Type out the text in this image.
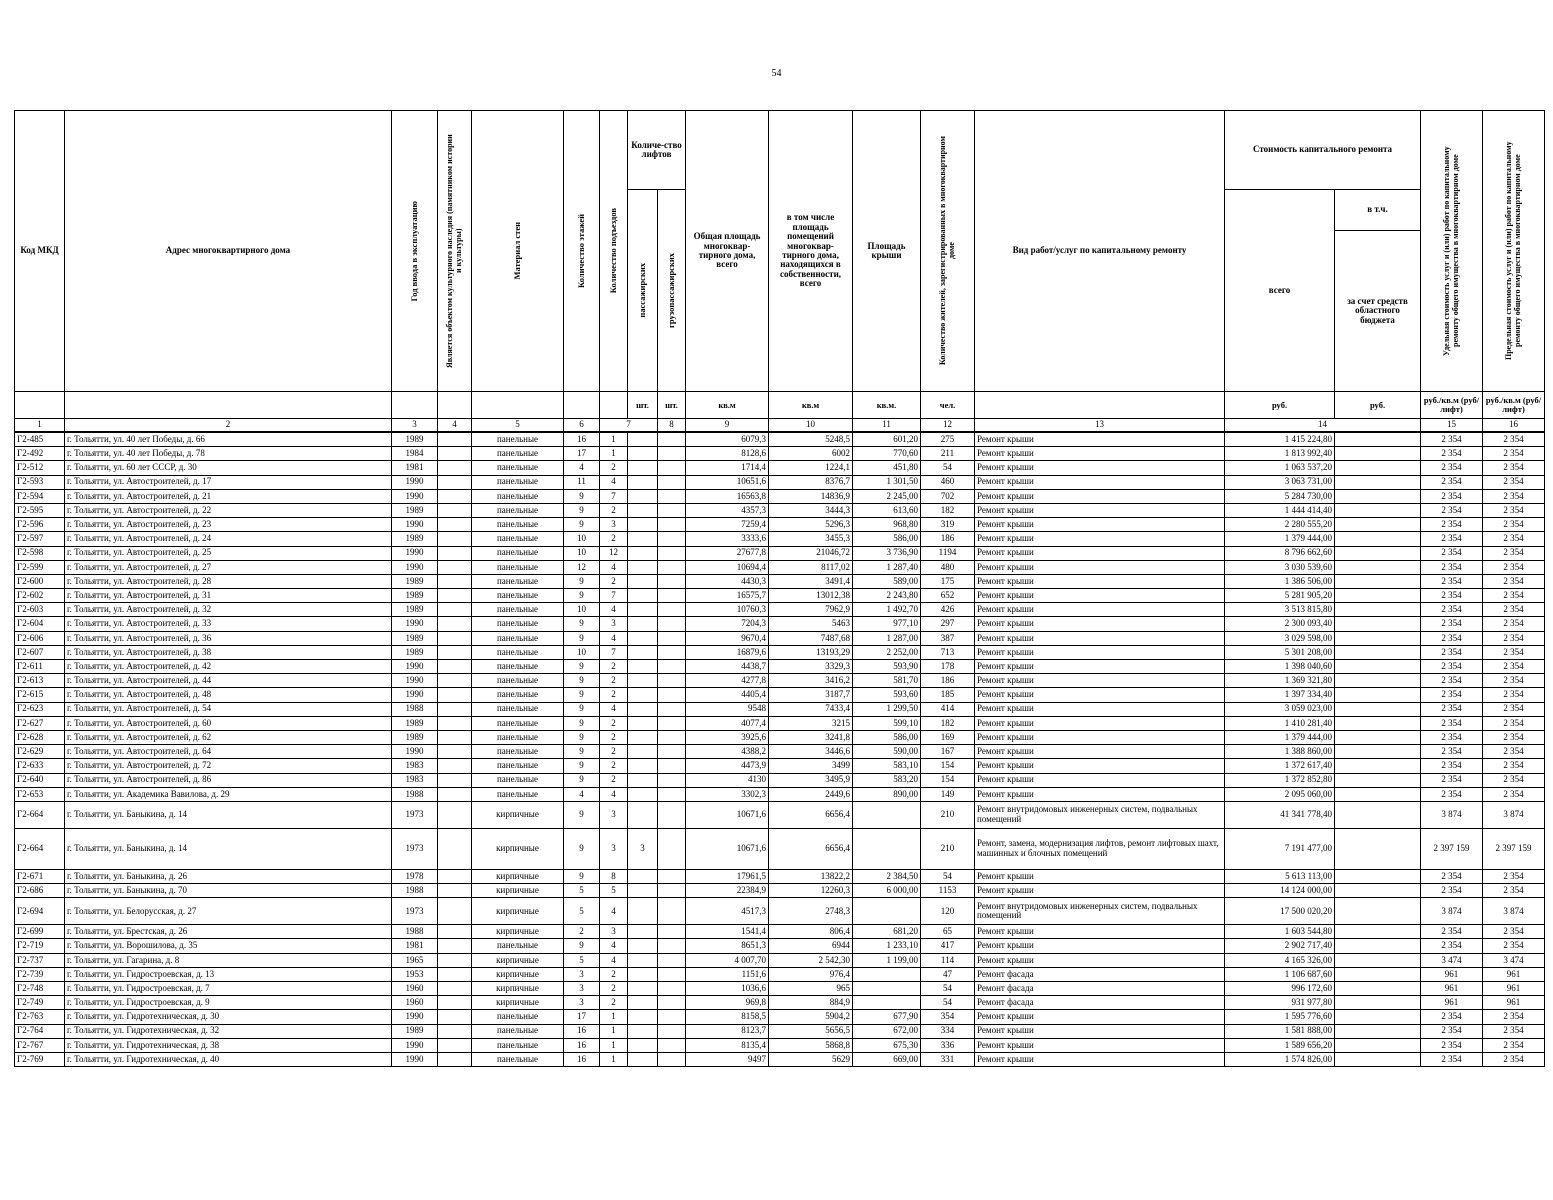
54
Код МКД	Адрес многоквартирного дома	Год ввода в эксплуатацию	Является объектом культурного наследия (памятником истории и культуры)	Материал стен	Количество этажей	Количество подъездов	Количе-ство лифтов		Общая площадь многоквар-тирного дома, всего	в том числе площадь помещений многоквар-тирного дома, находящихся в собственности, всего	Площадь крыши	Количество жителей, зарегистрированных в многоквартирном доме	Вид работ/услуг по капитальному ремонту	Стоимость капитального ремонта		Удельная стоимость услуг и (или) работ по капитальному ремонту общего имущества в многоквартирном доме	Предельная стоимость услуг и (или) работ по капитальному ремонту общего имущества в многоквартирном доме

							пассажирских	грузопассажирских						всего	в т.ч.		
															за счет средств областного бюджета		
							шт.	шт.	кв.м	кв.м	кв.м.	чел.		руб.	руб.	руб./кв.м (руб/лифт)	руб./кв.м (руб/лифт)
1	2	3	4	5	6	7		8	9	10	11	12	13	14		15	16
Г2-485	г. Тольятти, ул. 40 лет Победы, д. 66	1989		панельные	16	1			6079,3	5248,5	601,20	275	Ремонт крыши	1 415 224,80		2 354	2 354
Г2-492	г. Тольятти, ул. 40 лет Победы, д. 78	1984		панельные	17	1			8128,6	6002	770,60	211	Ремонт крыши	1 813 992,40		2 354	2 354
Г2-512	г. Тольятти, ул. 60 лет СССР, д. 30	1981		панельные	4	2			1714,4	1224,1	451,80	54	Ремонт крыши	1 063 537,20		2 354	2 354
Г2-593	г. Тольятти, ул. Автостроителей, д. 17	1990		панельные	11	4			10651,6	8376,7	1 301,50	460	Ремонт крыши	3 063 731,00		2 354	2 354
Г2-594	г. Тольятти, ул. Автостроителей, д. 21	1990		панельные	9	7			16563,8	14836,9	2 245,00	702	Ремонт крыши	5 284 730,00		2 354	2 354
Г2-595	г. Тольятти, ул. Автостроителей, д. 22	1989		панельные	9	2			4357,3	3444,3	613,60	182	Ремонт крыши	1 444 414,40		2 354	2 354
Г2-596	г. Тольятти, ул. Автостроителей, д. 23	1990		панельные	9	3			7259,4	5296,3	968,80	319	Ремонт крыши	2 280 555,20		2 354	2 354
Г2-597	г. Тольятти, ул. Автостроителей, д. 24	1989		панельные	10	2			3333,6	3455,3	586,00	186	Ремонт крыши	1 379 444,00		2 354	2 354
Г2-598	г. Тольятти, ул. Автостроителей, д. 25	1990		панельные	10	12			27677,8	21046,72	3 736,90	1194	Ремонт крыши	8 796 662,60		2 354	2 354
Г2-599	г. Тольятти, ул. Автостроителей, д. 27	1990		панельные	12	4			10694,4	8117,02	1 287,40	480	Ремонт крыши	3 030 539,60		2 354	2 354
Г2-600	г. Тольятти, ул. Автостроителей, д. 28	1989		панельные	9	2			4430,3	3491,4	589,00	175	Ремонт крыши	1 386 506,00		2 354	2 354
Г2-602	г. Тольятти, ул. Автостроителей, д. 31	1989		панельные	9	7			16575,7	13012,38	2 243,80	652	Ремонт крыши	5 281 905,20		2 354	2 354
Г2-603	г. Тольятти, ул. Автостроителей, д. 32	1989		панельные	10	4			10760,3	7962,9	1 492,70	426	Ремонт крыши	3 513 815,80		2 354	2 354
Г2-604	г. Тольятти, ул. Автостроителей, д. 33	1990		панельные	9	3			7204,3	5463	977,10	297	Ремонт крыши	2 300 093,40		2 354	2 354
Г2-606	г. Тольятти, ул. Автостроителей, д. 36	1989		панельные	9	4			9670,4	7487,68	1 287,00	387	Ремонт крыши	3 029 598,00		2 354	2 354
Г2-607	г. Тольятти, ул. Автостроителей, д. 38	1989		панельные	10	7			16879,6	13193,29	2 252,00	713	Ремонт крыши	5 301 208,00		2 354	2 354
Г2-611	г. Тольятти, ул. Автостроителей, д. 42	1990		панельные	9	2			4438,7	3329,3	593,90	178	Ремонт крыши	1 398 040,60		2 354	2 354
Г2-613	г. Тольятти, ул. Автостроителей, д. 44	1990		панельные	9	2			4277,8	3416,2	581,70	186	Ремонт крыши	1 369 321,80		2 354	2 354
Г2-615	г. Тольятти, ул. Автостроителей, д. 48	1990		панельные	9	2			4405,4	3187,7	593,60	185	Ремонт крыши	1 397 334,40		2 354	2 354
Г2-623	г. Тольятти, ул. Автостроителей, д. 54	1988		панельные	9	4			9548	7433,4	1 299,50	414	Ремонт крыши	3 059 023,00		2 354	2 354
Г2-627	г. Тольятти, ул. Автостроителей, д. 60	1989		панельные	9	2			4077,4	3215	599,10	182	Ремонт крыши	1 410 281,40		2 354	2 354
Г2-628	г. Тольятти, ул. Автостроителей, д. 62	1989		панельные	9	2			3925,6	3241,8	586,00	169	Ремонт крыши	1 379 444,00		2 354	2 354
Г2-629	г. Тольятти, ул. Автостроителей, д. 64	1990		панельные	9	2			4388,2	3446,6	590,00	167	Ремонт крыши	1 388 860,00		2 354	2 354
Г2-633	г. Тольятти, ул. Автостроителей, д. 72	1983		панельные	9	2			4473,9	3499	583,10	154	Ремонт крыши	1 372 617,40		2 354	2 354
Г2-640	г. Тольятти, ул. Автостроителей, д. 86	1983		панельные	9	2			4130	3495,9	583,20	154	Ремонт крыши	1 372 852,80		2 354	2 354
Г2-653	г. Тольятти, ул. Академика Вавилова, д. 29	1988		панельные	4	4			3302,3	2449,6	890,00	149	Ремонт крыши	2 095 060,00		2 354	2 354
Г2-664	г. Тольятти, ул. Баныкина, д. 14	1973		кирпичные	9	3			10671,6	6656,4		210	Ремонт внутридомовых инженерных систем, подвальных помещений	41 341 778,40		3 874	3 874
Г2-664	г. Тольятти, ул. Баныкина, д. 14	1973		кирпичные	9	3	3		10671,6	6656,4		210	Ремонт, замена, модернизация лифтов, ремонт лифтовых шахт, машинных и блочных помещений	7 191 477,00		2 397 159	2 397 159
Г2-671	г. Тольятти, ул. Баныкина, д. 26	1978		кирпичные	9	8			17961,5	13822,2	2 384,50	54	Ремонт крыши	5 613 113,00		2 354	2 354
Г2-686	г. Тольятти, ул. Баныкина, д. 70	1988		кирпичные	5	5			22384,9	12260,3	6 000,00	1153	Ремонт крыши	14 124 000,00		2 354	2 354
Г2-694	г. Тольятти, ул. Белорусская, д. 27	1973		кирпичные	5	4			4517,3	2748,3		120	Ремонт внутридомовых инженерных систем, подвальных помещений	17 500 020,20		3 874	3 874
Г2-699	г. Тольятти, ул. Брестская, д. 26	1988		кирпичные	2	3			1541,4	806,4	681,20	65	Ремонт крыши	1 603 544,80		2 354	2 354
Г2-719	г. Тольятти, ул. Ворошилова, д. 35	1981		панельные	9	4			8651,3	6944	1 233,10	417	Ремонт крыши	2 902 717,40		2 354	2 354
Г2-737	г. Тольятти, ул. Гагарина, д. 8	1965		кирпичные	5	4			4 007,70	2 542,30	1 199,00	114	Ремонт крыши	4 165 326,00		3 474	3 474
Г2-739	г. Тольятти, ул. Гидростроевская, д. 13	1953		кирпичные	3	2			1151,6	976,4		47	Ремонт фасада	1 106 687,60		961	961
Г2-748	г. Тольятти, ул. Гидростроевская, д. 7	1960		кирпичные	3	2			1036,6	965		54	Ремонт фасада	996 172,60		961	961
Г2-749	г. Тольятти, ул. Гидростроевская, д. 9	1960		кирпичные	3	2			969,8	884,9		54	Ремонт фасада	931 977,80		961	961
Г2-763	г. Тольятти, ул. Гидротехническая, д. 30	1990		панельные	17	1			8158,5	5904,2	677,90	354	Ремонт крыши	1 595 776,60		2 354	2 354
Г2-764	г. Тольятти, ул. Гидротехническая, д. 32	1989		панельные	16	1			8123,7	5656,5	672,00	334	Ремонт крыши	1 581 888,00		2 354	2 354
Г2-767	г. Тольятти, ул. Гидротехническая, д. 38	1990		панельные	16	1			8135,4	5868,8	675,30	336	Ремонт крыши	1 589 656,20		2 354	2 354
Г2-769	г. Тольятти, ул. Гидротехническая, д. 40	1990		панельные	16	1			9497	5629	669,00	331	Ремонт крыши	1 574 826,00		2 354	2 354
